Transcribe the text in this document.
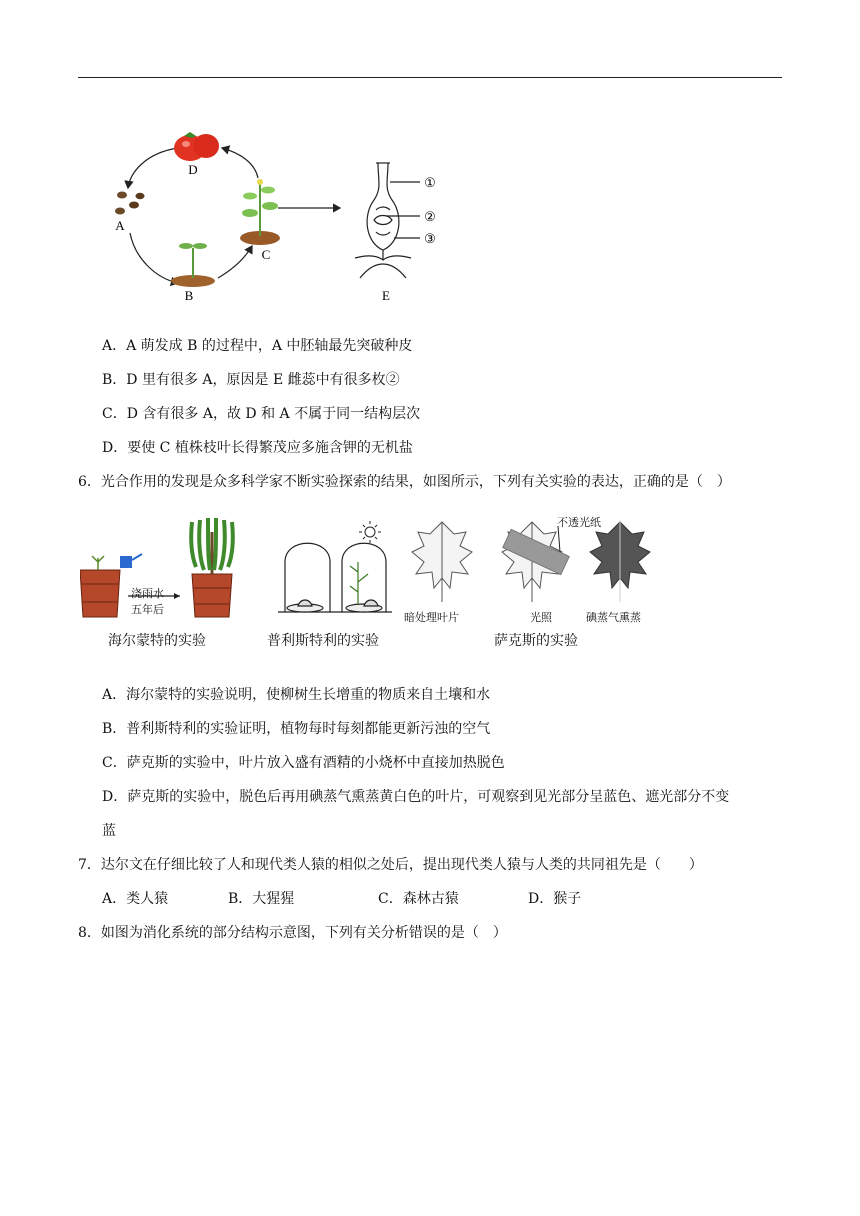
D
A
B
C
E
①
②
③
A．A 萌发成 B 的过程中，A 中胚轴最先突破种皮
B．D 里有很多 A，原因是 E 雌蕊中有很多枚②
C．D 含有很多 A，故 D 和 A 不属于同一结构层次
D．要使 C 植株枝叶长得繁茂应多施含钾的无机盐
6．光合作用的发现是众多科学家不断实验探索的结果，如图所示，下列有关实验的表达，正确的是（　）
浇雨水
五年后
不透光纸
暗处理叶片	光照	碘蒸气熏蒸
海尔蒙特的实验	普利斯特利的实验	萨克斯的实验
A．海尔蒙特的实验说明，使柳树生长增重的物质来自土壤和水
B．普利斯特利的实验证明，植物每时每刻都能更新污浊的空气
C．萨克斯的实验中，叶片放入盛有酒精的小烧杯中直接加热脱色
D．萨克斯的实验中，脱色后再用碘蒸气熏蒸黄白色的叶片，可观察到见光部分呈蓝色、遮光部分不变
蓝
7．达尔文在仔细比较了人和现代类人猿的相似之处后，提出现代类人猿与人类的共同祖先是（　　）
A．类人猿	B．大猩猩	C．森林古猿	D．猴子
8．如图为消化系统的部分结构示意图，下列有关分析错误的是（　）
